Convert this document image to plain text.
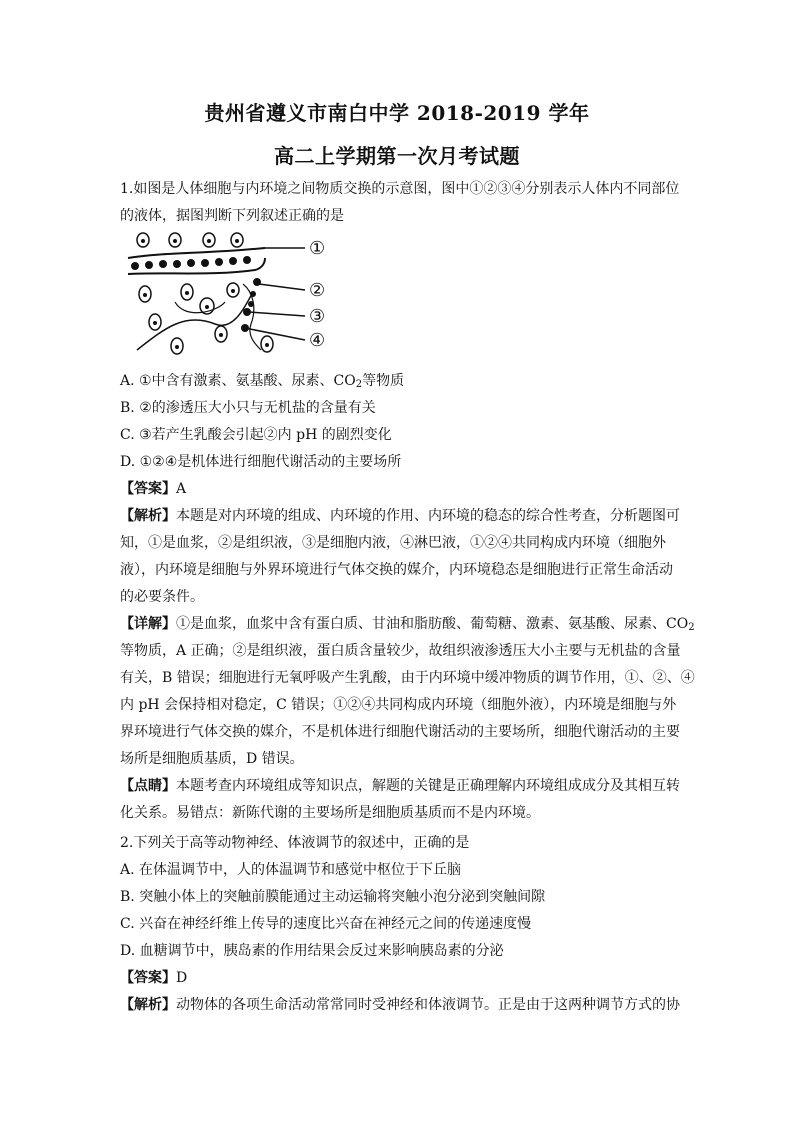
贵州省遵义市南白中学 2018-2019 学年
高二上学期第一次月考试题
1.如图是人体细胞与内环境之间物质交换的示意图，图中①②③④分别表示人体内不同部位
的液体，据图判断下列叙述正确的是
①
②
③
④
A. ①中含有激素、氨基酸、尿素、$CO_2$等物质
B. ②的渗透压大小只与无机盐的含量有关
C. ③若产生乳酸会引起②内 pH 的剧烈变化
D. ①②④是机体进行细胞代谢活动的主要场所
【答案】A
【解析】本题是对内环境的组成、内环境的作用、内环境的稳态的综合性考查，分析题图可
知，①是血浆，②是组织液，③是细胞内液，④淋巴液，①②④共同构成内环境（细胞外
液），内环境是细胞与外界环境进行气体交换的媒介，内环境稳态是细胞进行正常生命活动
的必要条件。
【详解】①是血浆，血浆中含有蛋白质、甘油和脂肪酸、葡萄糖、激素、氨基酸、尿素、$CO_2$
等物质，A 正确；②是组织液，蛋白质含量较少，故组织液渗透压大小主要与无机盐的含量
有关，B 错误；细胞进行无氧呼吸产生乳酸，由于内环境中缓冲物质的调节作用，①、②、④
内 pH 会保持相对稳定，C 错误；①②④共同构成内环境（细胞外液），内环境是细胞与外
界环境进行气体交换的媒介，不是机体进行细胞代谢活动的主要场所，细胞代谢活动的主要
场所是细胞质基质，D 错误。
【点睛】本题考查内环境组成等知识点，解题的关键是正确理解内环境组成成分及其相互转
化关系。易错点：新陈代谢的主要场所是细胞质基质而不是内环境。
2.下列关于高等动物神经、体液调节的叙述中，正确的是
A. 在体温调节中，人的体温调节和感觉中枢位于下丘脑
B. 突触小体上的突触前膜能通过主动运输将突触小泡分泌到突触间隙
C. 兴奋在神经纤维上传导的速度比兴奋在神经元之间的传递速度慢
D. 血糖调节中，胰岛素的作用结果会反过来影响胰岛素的分泌
【答案】D
【解析】动物体的各项生命活动常常同时受神经和体液调节。正是由于这两种调节方式的协
